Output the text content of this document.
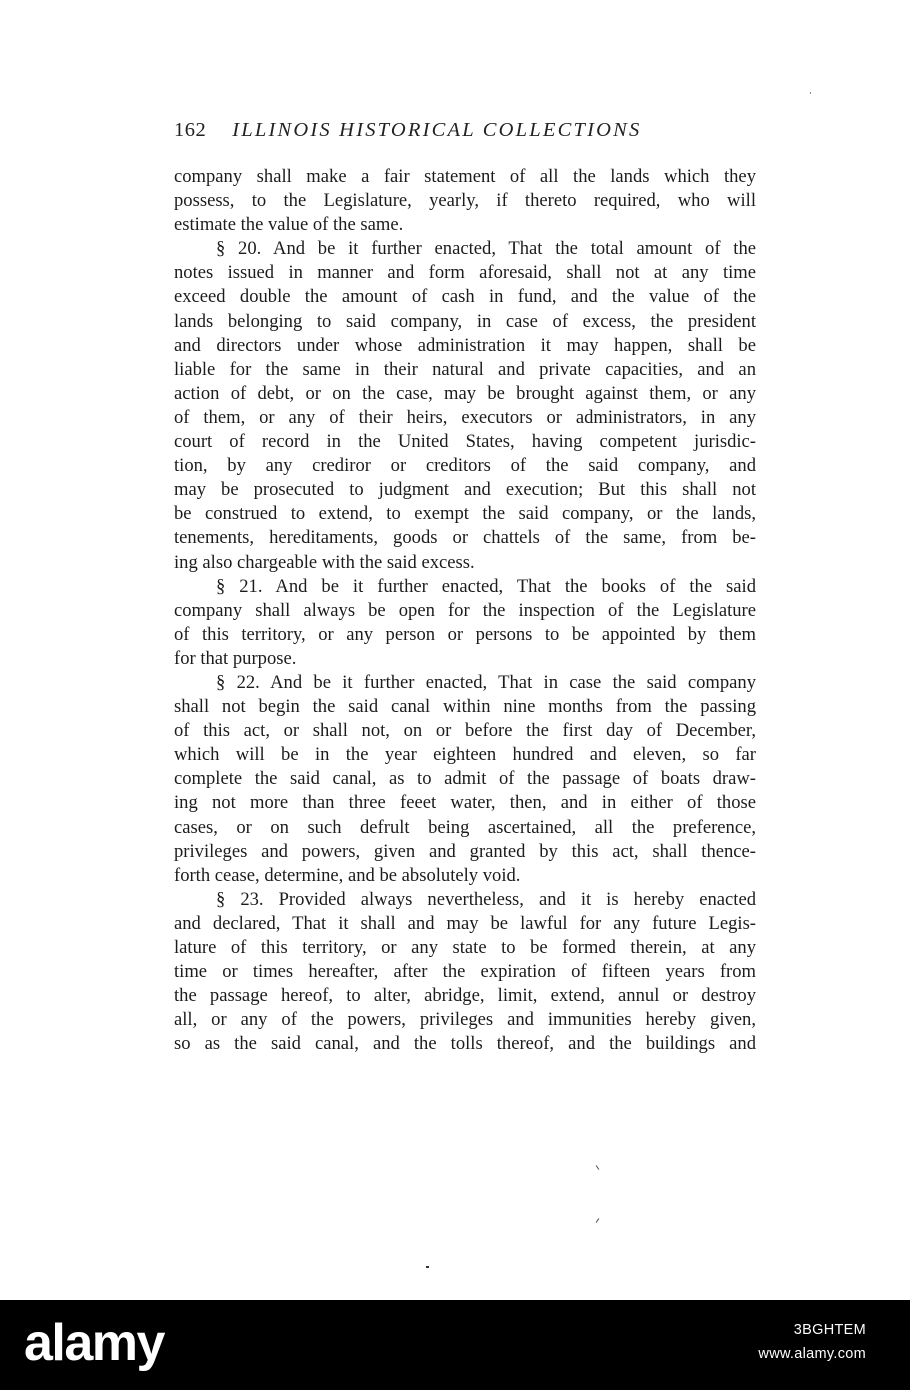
162 ILLINOIS HISTORICAL COLLECTIONS
company shall make a fair statement of all the lands which they
possess, to the Legislature, yearly, if thereto required, who will
estimate the value of the same.
§ 20. And be it further enacted, That the total amount of the
notes issued in manner and form aforesaid, shall not at any time
exceed double the amount of cash in fund, and the value of the
lands belonging to said company, in case of excess, the president
and directors under whose administration it may happen, shall be
liable for the same in their natural and private capacities, and an
action of debt, or on the case, may be brought against them, or any
of them, or any of their heirs, executors or administrators, in any
court of record in the United States, having competent jurisdic-
tion, by any crediror or creditors of the said company, and
may be prosecuted to judgment and execution; But this shall not
be construed to extend, to exempt the said company, or the lands,
tenements, hereditaments, goods or chattels of the same, from be-
ing also chargeable with the said excess.
§ 21. And be it further enacted, That the books of the said
company shall always be open for the inspection of the Legislature
of this territory, or any person or persons to be appointed by them
for that purpose.
§ 22. And be it further enacted, That in case the said company
shall not begin the said canal within nine months from the passing
of this act, or shall not, on or before the first day of December,
which will be in the year eighteen hundred and eleven, so far
complete the said canal, as to admit of the passage of boats draw-
ing not more than three feeet water, then, and in either of those
cases, or on such defrult being ascertained, all the preference,
privileges and powers, given and granted by this act, shall thence-
forth cease, determine, and be absolutely void.
§ 23. Provided always nevertheless, and it is hereby enacted
and declared, That it shall and may be lawful for any future Legis-
lature of this territory, or any state to be formed therein, at any
time or times hereafter, after the expiration of fifteen years from
the passage hereof, to alter, abridge, limit, extend, annul or destroy
all, or any of the powers, privileges and immunities hereby given,
so as the said canal, and the tolls thereof, and the buildings and
alamy	3BGHTEM
www.alamy.com
